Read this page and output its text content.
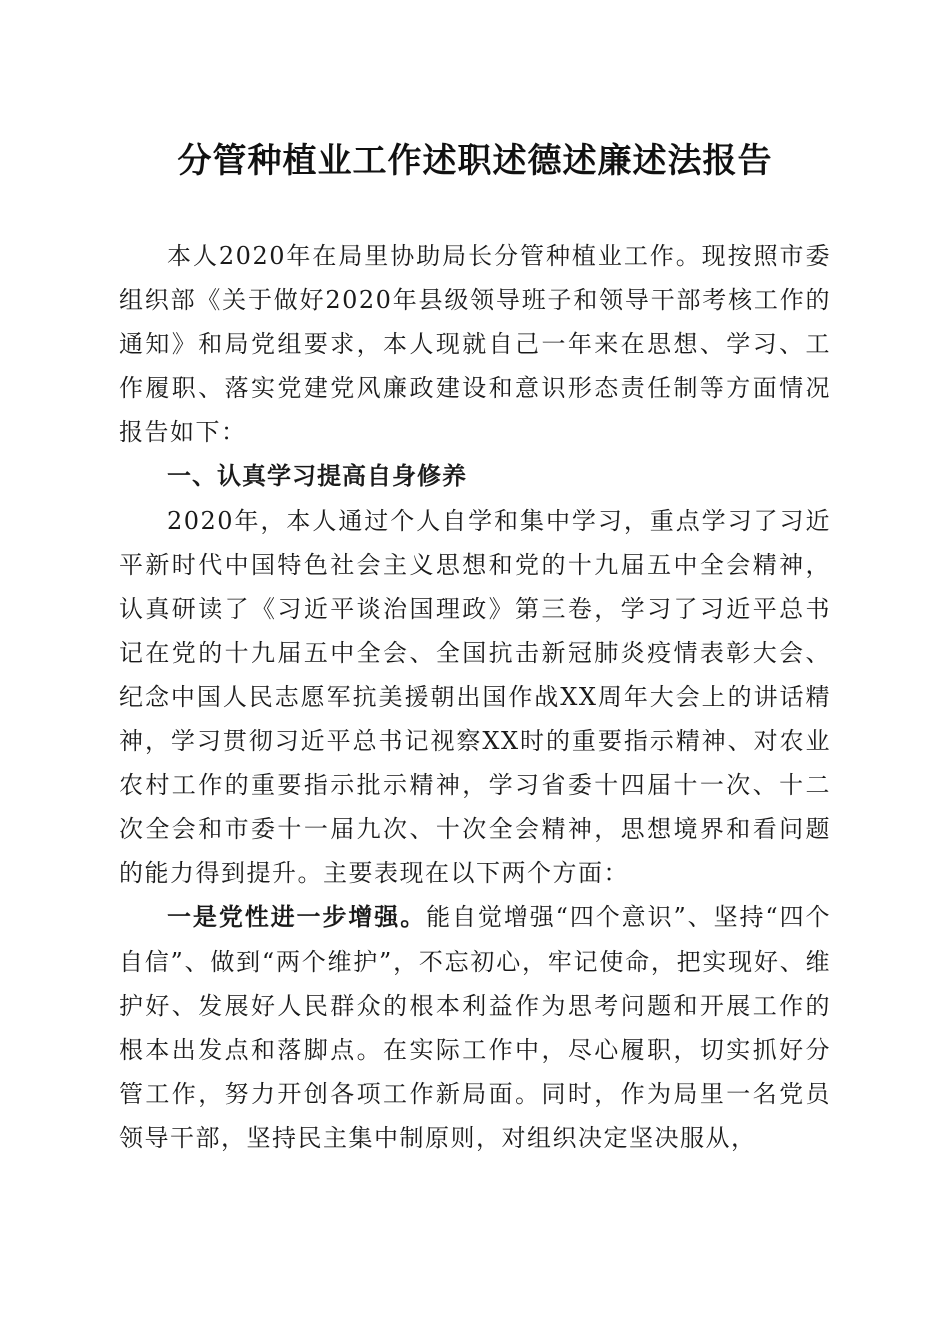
分管种植业工作述职述德述廉述法报告

本人2020年在局里协助局长分管种植业工作。现按照市委组织部《关于做好2020年县级领导班子和领导干部考核工作的通知》和局党组要求，本人现就自己一年来在思想、学习、工作履职、落实党建党风廉政建设和意识形态责任制等方面情况报告如下：

一、认真学习提高自身修养

2020年，本人通过个人自学和集中学习，重点学习了习近平新时代中国特色社会主义思想和党的十九届五中全会精神，认真研读了《习近平谈治国理政》第三卷，学习了习近平总书记在党的十九届五中全会、全国抗击新冠肺炎疫情表彰大会、纪念中国人民志愿军抗美援朝出国作战XX周年大会上的讲话精神，学习贯彻习近平总书记视察XX时的重要指示精神、对农业农村工作的重要指示批示精神，学习省委十四届十一次、十二次全会和市委十一届九次、十次全会精神，思想境界和看问题的能力得到提升。主要表现在以下两个方面：

一是党性进一步增强。能自觉增强“四个意识”、坚持“四个自信”、做到“两个维护”，不忘初心，牢记使命，把实现好、维护好、发展好人民群众的根本利益作为思考问题和开展工作的根本出发点和落脚点。在实际工作中，尽心履职，切实抓好分管工作，努力开创各项工作新局面。同时，作为局里一名党员领导干部，坚持民主集中制原则，对组织决定坚决服从，
